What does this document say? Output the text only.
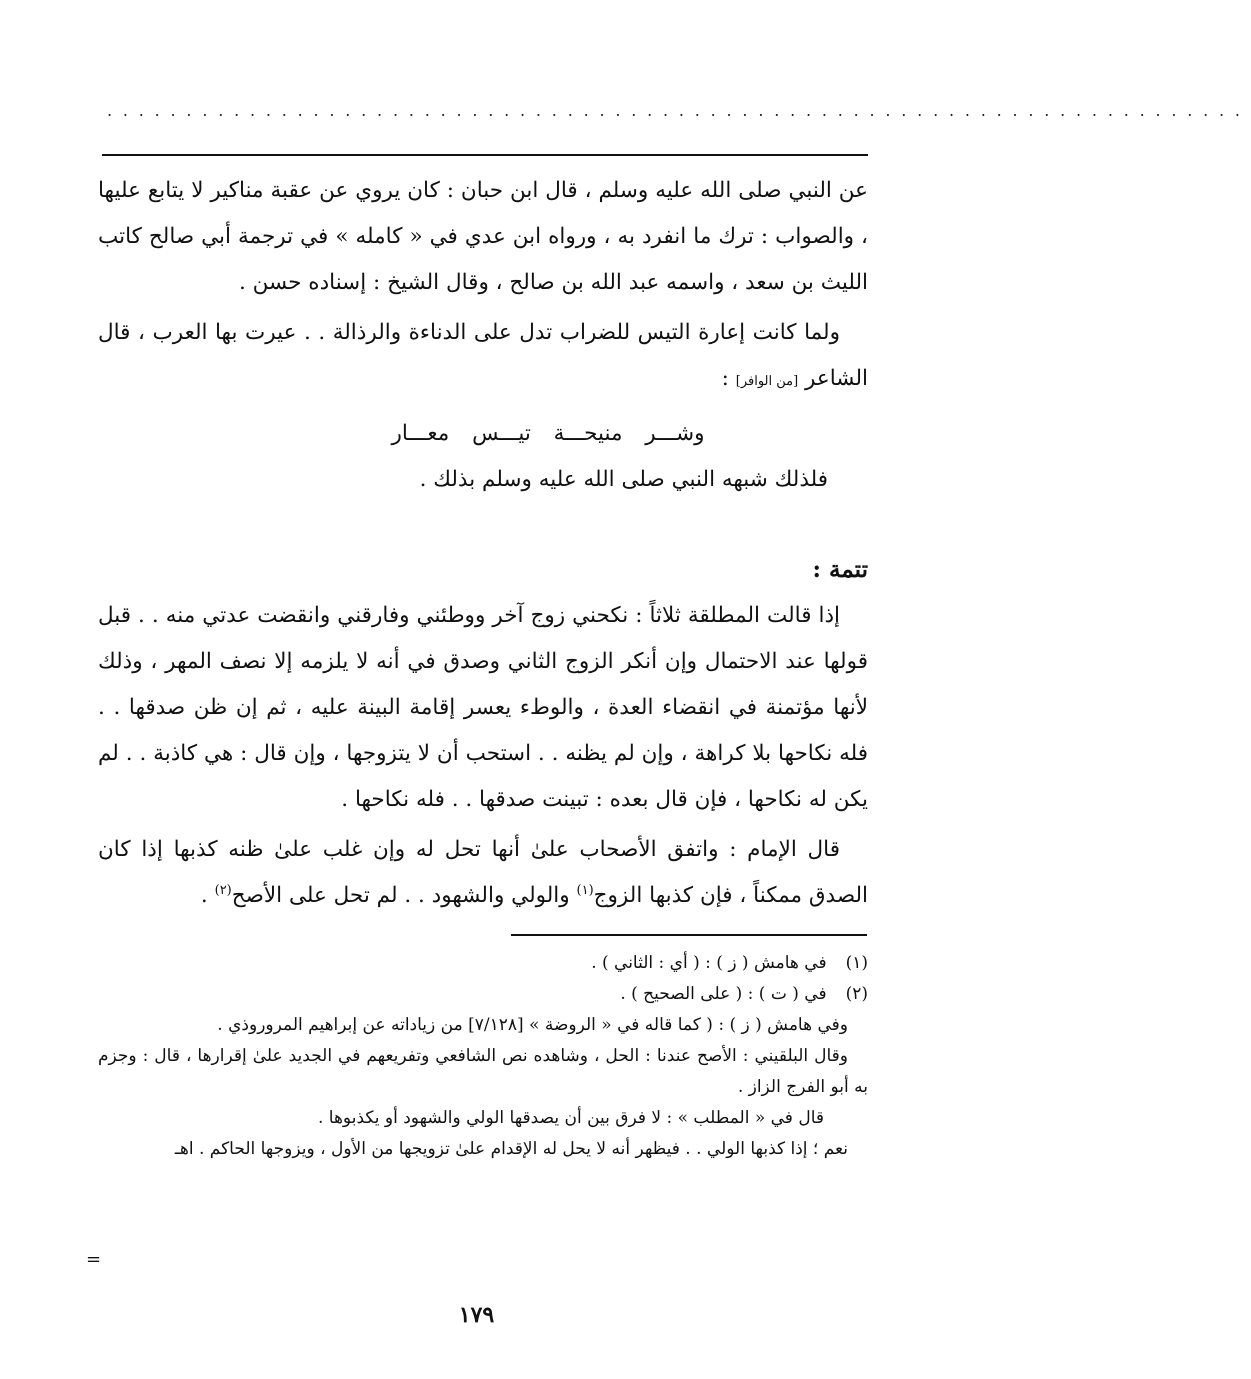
........................................................................

عن النبي صلى الله عليه وسلم ، قال ابن حبان : كان يروي عن عقبة مناكير لا يتابع عليها ، والصواب : ترك ما انفرد به ، ورواه ابن عدي في « كامله » في ترجمة أبي صالح كاتب الليث بن سعد ، واسمه عبد الله بن صالح ، وقال الشيخ : إسناده حسن .

ولما كانت إعارة التيس للضراب تدل على الدناءة والرذالة . . عيرت بها العرب ، قال الشاعر [من الوافر] :

وشـــر منيحـــة تيـــس معـــار

فلذلك شبهه النبي صلى الله عليه وسلم بذلك .

تتمة :

إذا قالت المطلقة ثلاثاً : نكحني زوج آخر ووطئني وفارقني وانقضت عدتي منه . . قبل قولها عند الاحتمال وإن أنكر الزوج الثاني وصدق في أنه لا يلزمه إلا نصف المهر ، وذلك لأنها مؤتمنة في انقضاء العدة ، والوطء يعسر إقامة البينة عليه ، ثم إن ظن صدقها . . فله نكاحها بلا كراهة ، وإن لم يظنه . . استحب أن لا يتزوجها ، وإن قال : هي كاذبة . . لم يكن له نكاحها ، فإن قال بعده : تبينت صدقها . . فله نكاحها .

قال الإمام : واتفق الأصحاب علىٰ أنها تحل له وإن غلب علىٰ ظنه كذبها إذا كان الصدق ممكناً ، فإن كذبها الزوج$^{(١)}$ والولي والشهود . . لم تحل على الأصح$^{(٢)}$ .

(١) في هامش ( ز ) : ( أي : الثاني ) .

(٢) في ( ت ) : ( على الصحيح ) .

وفي هامش ( ز ) : ( كما قاله في « الروضة » [٧/١٢٨] من زياداته عن إبراهيم المروروذي .

وقال البلقيني : الأصح عندنا : الحل ، وشاهده نص الشافعي وتفريعهم في الجديد علىٰ إقرارها ، قال : وجزم به أبو الفرج الزاز .

قال في « المطلب » : لا فرق بين أن يصدقها الولي والشهود أو يكذبوها .

نعم ؛ إذا كذبها الولي . . فيظهر أنه لا يحل له الإقدام علىٰ تزويجها من الأول ، ويزوجها الحاكم . اهـ

=
١٧٩
